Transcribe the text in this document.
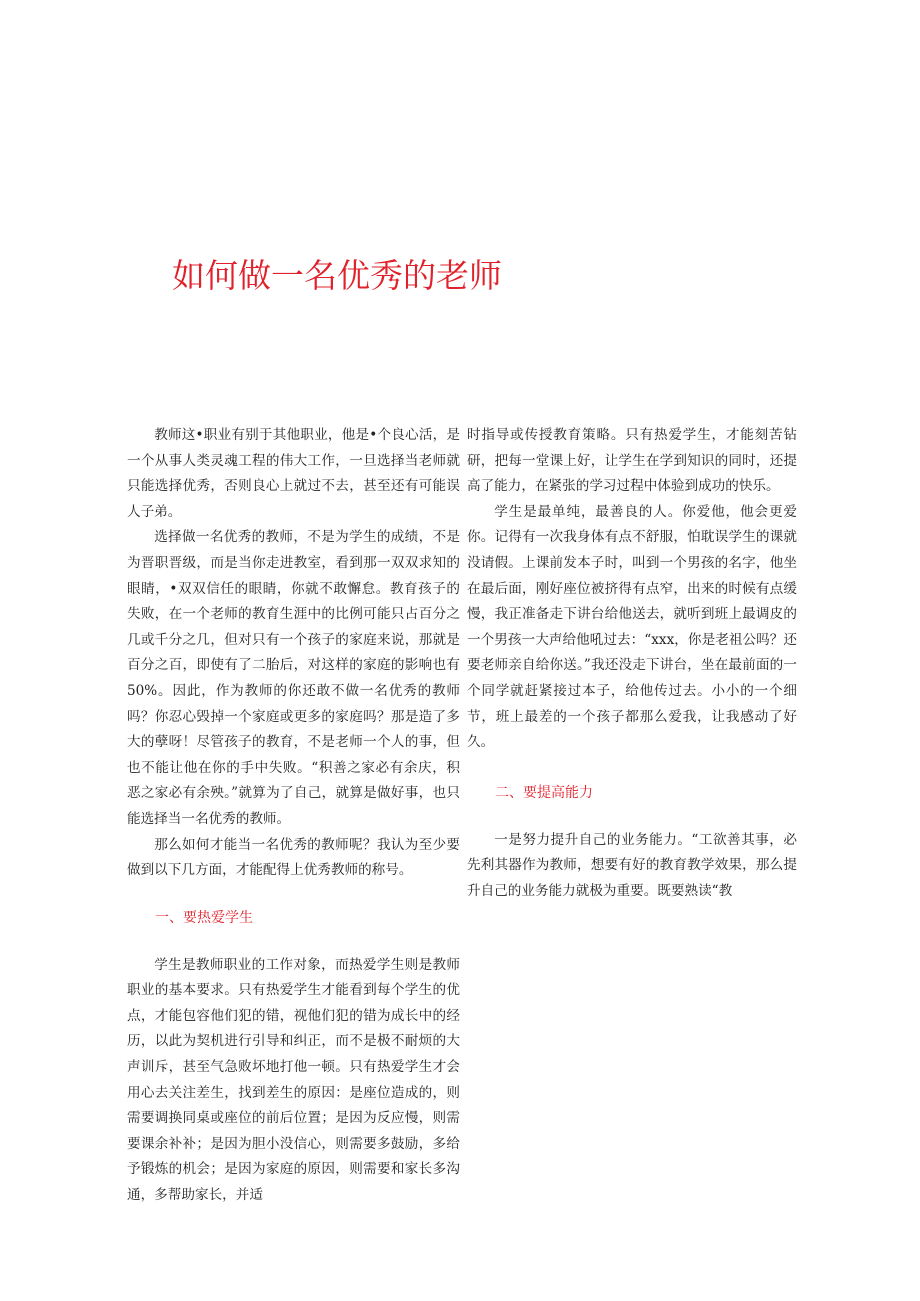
如何做一名优秀的老师

教师这•职业有别于其他职业，他是•个良心活，是一个从事人类灵魂工程的伟大工作，一旦选择当老师就只能选择优秀，否则良心上就过不去，甚至还有可能误人子弟。

选择做一名优秀的教师，不是为学生的成绩，不是为晋职晋级，而是当你走进教室，看到那一双双求知的眼睛，•双双信任的眼睛，你就不敢懈怠。教育孩子的失败，在一个老师的教育生涯中的比例可能只占百分之几或千分之几，但对只有一个孩子的家庭来说，那就是百分之百，即使有了二胎后，对这样的家庭的影响也有50%。因此，作为教师的你还敢不做一名优秀的教师吗？你忍心毁掉一个家庭或更多的家庭吗？那是造了多大的孽呀！尽管孩子的教育，不是老师一个人的事，但也不能让他在你的手中失败。“积善之家必有余庆，积恶之家必有余殃。”就算为了自己，就算是做好事，也只能选择当一名优秀的教师。

那么如何才能当一名优秀的教师呢？我认为至少要做到以下几方面，才能配得上优秀教师的称号。

一、要热爱学生

学生是教师职业的工作对象，而热爱学生则是教师职业的基本要求。只有热爱学生才能看到每个学生的优点，才能包容他们犯的错，视他们犯的错为成长中的经历，以此为契机进行引导和纠正，而不是极不耐烦的大声训斥，甚至气急败坏地打他一顿。只有热爱学生才会用心去关注差生，找到差生的原因：是座位造成的，则需要调换同桌或座位的前后位置；是因为反应慢，则需要课余补补；是因为胆小没信心，则需要多鼓励，多给予锻炼的机会；是因为家庭的原因，则需要和家长多沟通，多帮助家长，并适

时指导或传授教育策略。只有热爱学生，才能刻苦钻研，把每一堂课上好，让学生在学到知识的同时，还提高了能力，在紧张的学习过程中体验到成功的快乐。

学生是最单纯，最善良的人。你爱他，他会更爱你。记得有一次我身体有点不舒服，怕耽误学生的课就没请假。上课前发本子时，叫到一个男孩的名字，他坐在最后面，刚好座位被挤得有点窄，出来的时候有点缓慢，我正准备走下讲台给他送去，就听到班上最调皮的一个男孩一大声给他吼过去：“xxx，你是老祖公吗？还要老师亲自给你送。”我还没走下讲台，坐在最前面的一个同学就赶紧接过本子，给他传过去。小小的一个细节，班上最差的一个孩子都那么爱我，让我感动了好久。

二、要提高能力

一是努力提升自己的业务能力。“工欲善其事，必先利其器作为教师，想要有好的教育教学效果，那么提升自己的业务能力就极为重要。既要熟读“教
